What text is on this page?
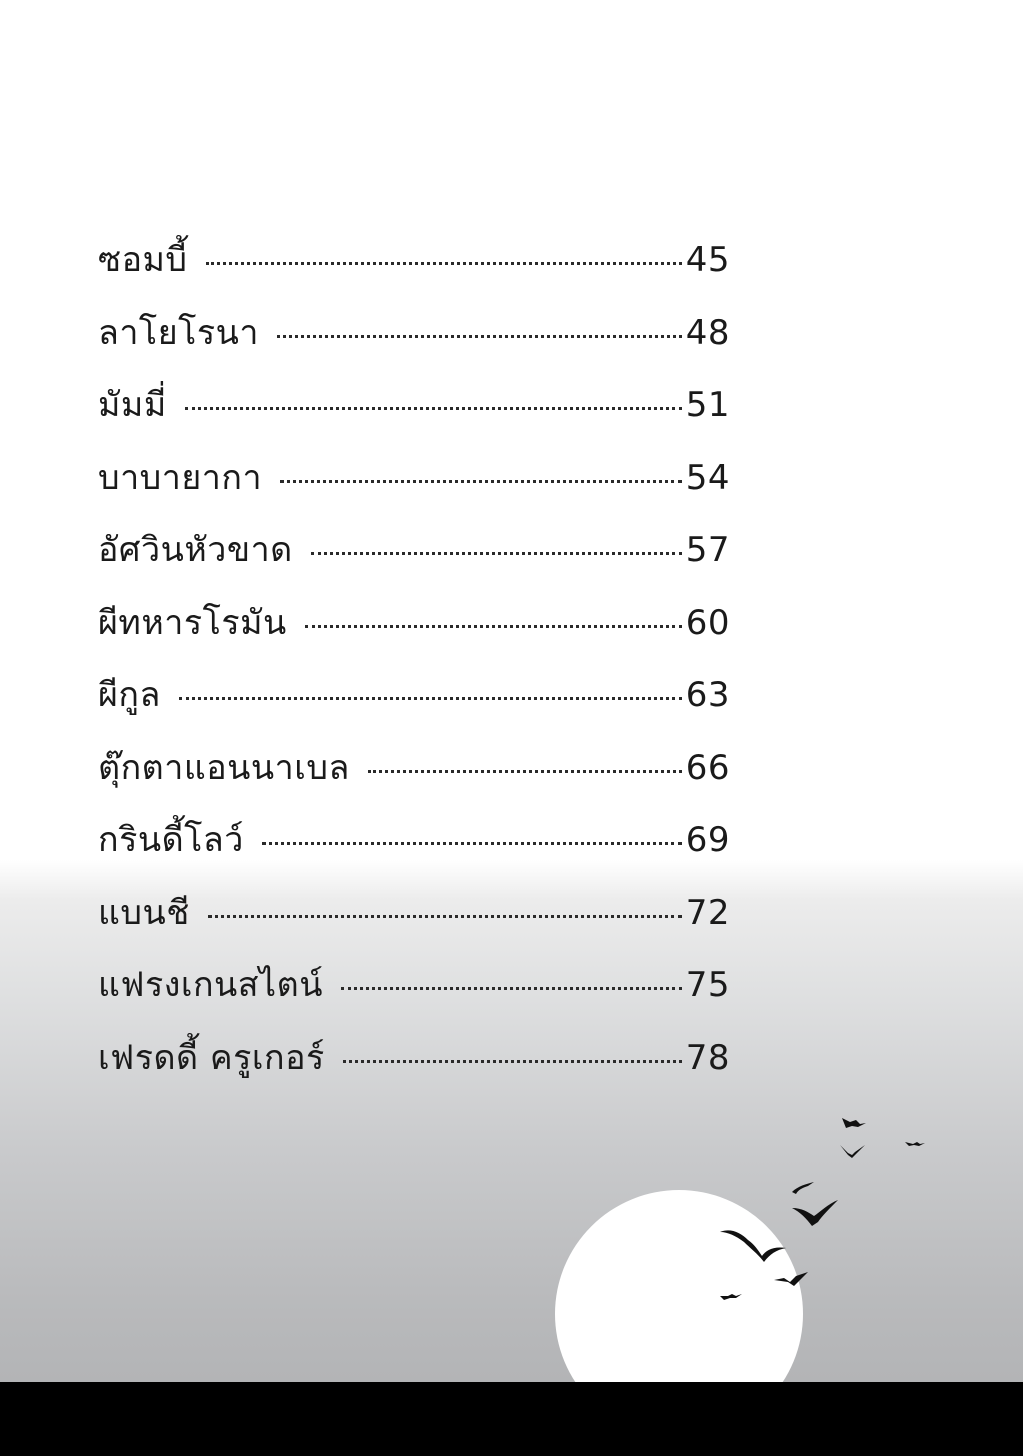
ซอมบี้	45
ลาโยโรนา	48
มัมมี่	51
บาบายากา	54
อัศวินหัวขาด	57
ผีทหารโรมัน	60
ผีกูล	63
ตุ๊กตาแอนนาเบล	66
กรินดี้โลว์	69
แบนชี	72
แฟรงเกนสไตน์	75
เฟรดดี้ ครูเกอร์	78
